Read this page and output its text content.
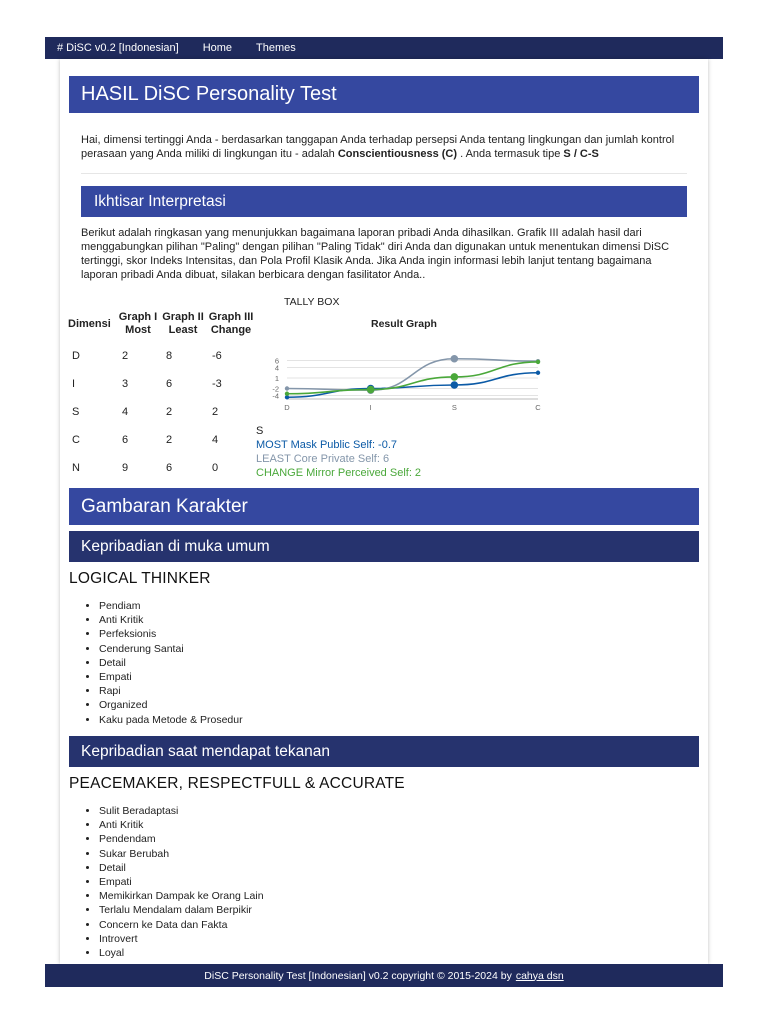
# DiSC v0.2 [Indonesian]	Home	Themes
HASIL DiSC Personality Test
Hai, dimensi tertinggi Anda - berdasarkan tanggapan Anda terhadap persepsi Anda tentang lingkungan dan jumlah kontrol perasaan yang Anda miliki di lingkungan itu - adalah Conscientiousness (C) . Anda termasuk tipe S / C-S
Ikhtisar Interpretasi
Berikut adalah ringkasan yang menunjukkan bagaimana laporan pribadi Anda dihasilkan. Grafik III adalah hasil dari menggabungkan pilihan "Paling" dengan pilihan "Paling Tidak" diri Anda dan digunakan untuk menentukan dimensi DiSC tertinggi, skor Indeks Intensitas, dan Pola Profil Klasik Anda. Jika Anda ingin informasi lebih lanjut tentang bagaimana laporan pribadi Anda dibuat, silakan berbicara dengan fasilitator Anda..
TALLY BOX
Dimensi	Graph I Most	Graph II Least	Graph III Change
D	2	8	-6
I	3	6	-3
S	4	2	2
C	6	2	4
N	9	6	0
Result Graph
6
4
1
-2
-4
D	I	S	C
S
MOST Mask Public Self: -0.7
LEAST Core Private Self: 6
CHANGE Mirror Perceived Self: 2
Gambaran Karakter
Kepribadian di muka umum
LOGICAL THINKER
• Pendiam
• Anti Kritik
• Perfeksionis
• Cenderung Santai
• Detail
• Empati
• Rapi
• Organized
• Kaku pada Metode & Prosedur
Kepribadian saat mendapat tekanan
PEACEMAKER, RESPECTFULL & ACCURATE
• Sulit Beradaptasi
• Anti Kritik
• Pendendam
• Sukar Berubah
• Detail
• Empati
• Memikirkan Dampak ke Orang Lain
• Terlalu Mendalam dalam Berpikir
• Concern ke Data dan Fakta
• Introvert
• Loyal
DiSC Personality Test [Indonesian] v0.2 copyright © 2015-2024 by cahya dsn
